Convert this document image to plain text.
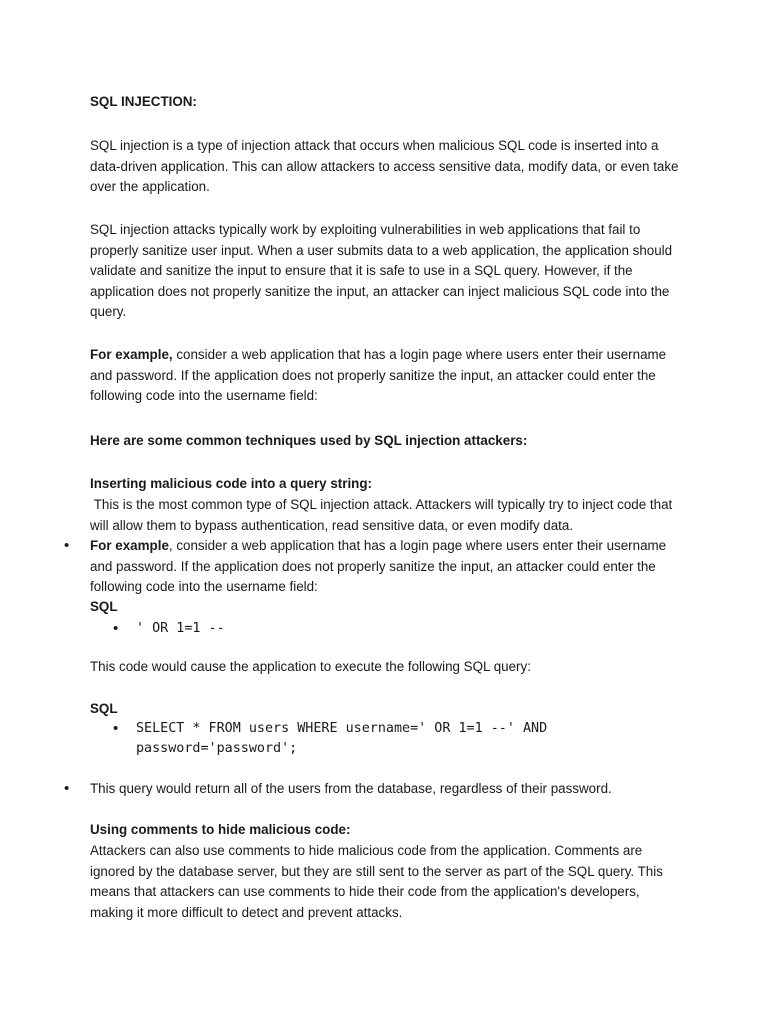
SQL INJECTION:

SQL injection is a type of injection attack that occurs when malicious SQL code is inserted into a data-driven application. This can allow attackers to access sensitive data, modify data, or even take over the application.

SQL injection attacks typically work by exploiting vulnerabilities in web applications that fail to properly sanitize user input. When a user submits data to a web application, the application should validate and sanitize the input to ensure that it is safe to use in a SQL query. However, if the application does not properly sanitize the input, an attacker can inject malicious SQL code into the query.

For example, consider a web application that has a login page where users enter their username and password. If the application does not properly sanitize the input, an attacker could enter the following code into the username field:

Here are some common techniques used by SQL injection attackers:

Inserting malicious code into a query string:

This is the most common type of SQL injection attack. Attackers will typically try to inject code that will allow them to bypass authentication, read sensitive data, or even modify data.

• For example, consider a web application that has a login page where users enter their username and password. If the application does not properly sanitize the input, an attacker could enter the following code into the username field:

SQL

• ' OR 1=1 --

This code would cause the application to execute the following SQL query:

SQL

• SELECT * FROM users WHERE username=' OR 1=1 --' AND

password='password';

• This query would return all of the users from the database, regardless of their password.

Using comments to hide malicious code:

Attackers can also use comments to hide malicious code from the application. Comments are ignored by the database server, but they are still sent to the server as part of the SQL query. This means that attackers can use comments to hide their code from the application's developers, making it more difficult to detect and prevent attacks.
